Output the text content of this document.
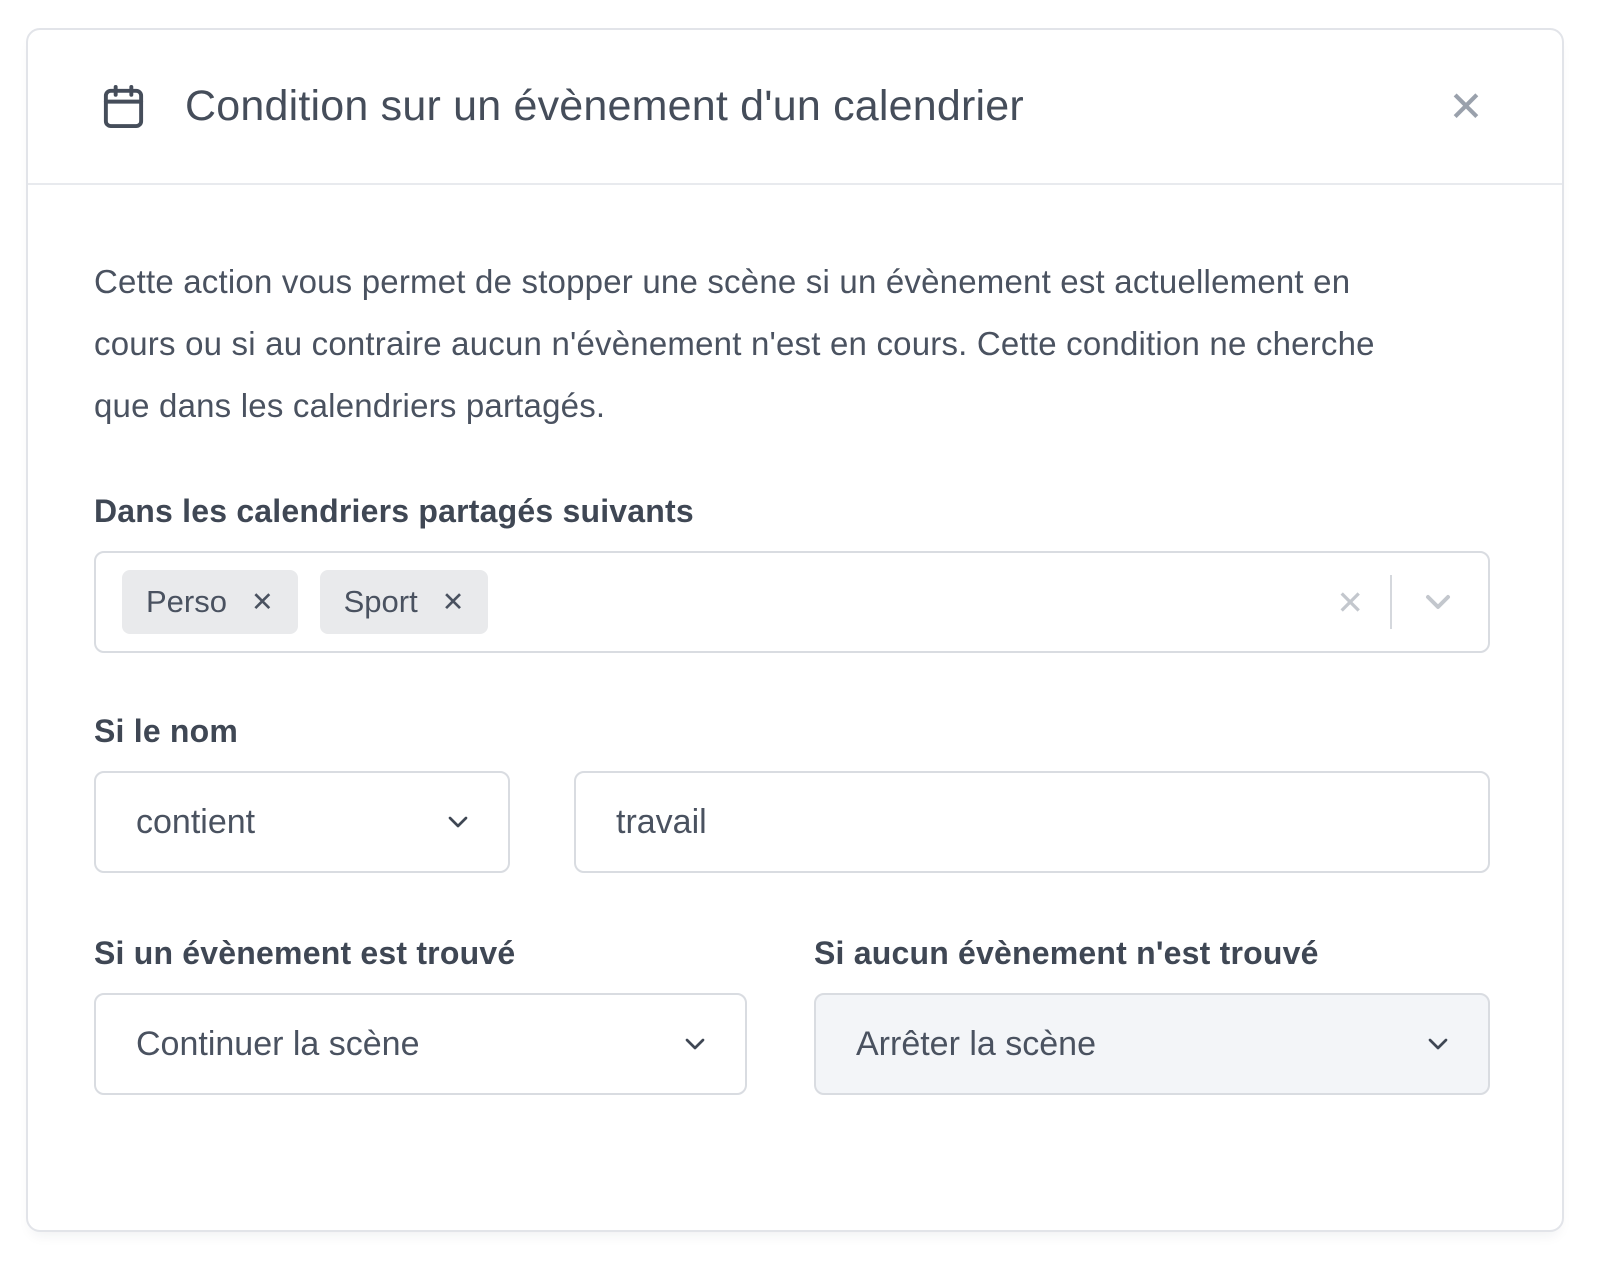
Condition sur un évènement d'un calendrier	✕

Cette action vous permet de stopper une scène si un évènement est actuellement en cours ou si au contraire aucun n'évènement n'est en cours. Cette condition ne cherche que dans les calendriers partagés.

Dans les calendriers partagés suivants
Perso ✕ Sport ✕	✕
Si le nom
contient
travail
Si un évènement est trouvé	Si aucun évènement n'est trouvé
Continuer la scène	Arrêter la scène
